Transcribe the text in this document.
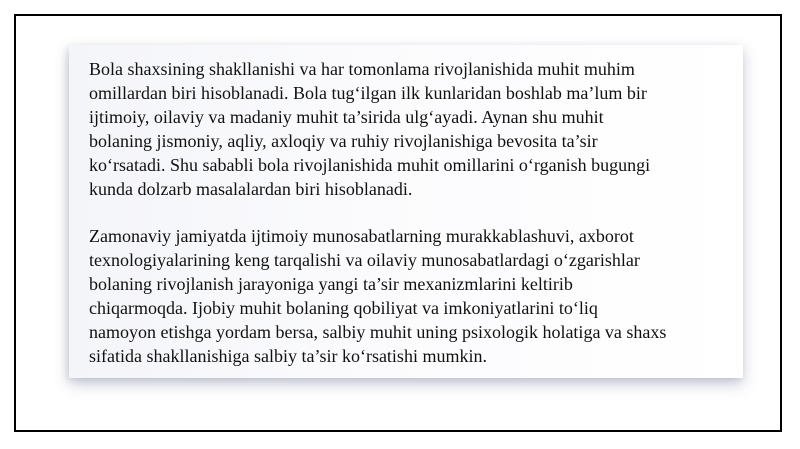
Bola shaxsining shakllanishi va har tomonlama rivojlanishida muhit muhim
omillardan biri hisoblanadi. Bola tug‘ilgan ilk kunlaridan boshlab ma’lum bir
ijtimoiy, oilaviy va madaniy muhit ta’sirida ulg‘ayadi. Aynan shu muhit
bolaning jismoniy, aqliy, axloqiy va ruhiy rivojlanishiga bevosita ta’sir
ko‘rsatadi. Shu sababli bola rivojlanishida muhit omillarini o‘rganish bugungi
kunda dolzarb masalalardan biri hisoblanadi.

Zamonaviy jamiyatda ijtimoiy munosabatlarning murakkablashuvi, axborot
texnologiyalarining keng tarqalishi va oilaviy munosabatlardagi o‘zgarishlar
bolaning rivojlanish jarayoniga yangi ta’sir mexanizmlarini keltirib
chiqarmoqda. Ijobiy muhit bolaning qobiliyat va imkoniyatlarini to‘liq
namoyon etishga yordam bersa, salbiy muhit uning psixologik holatiga va shaxs
sifatida shakllanishiga salbiy ta’sir ko‘rsatishi mumkin.
